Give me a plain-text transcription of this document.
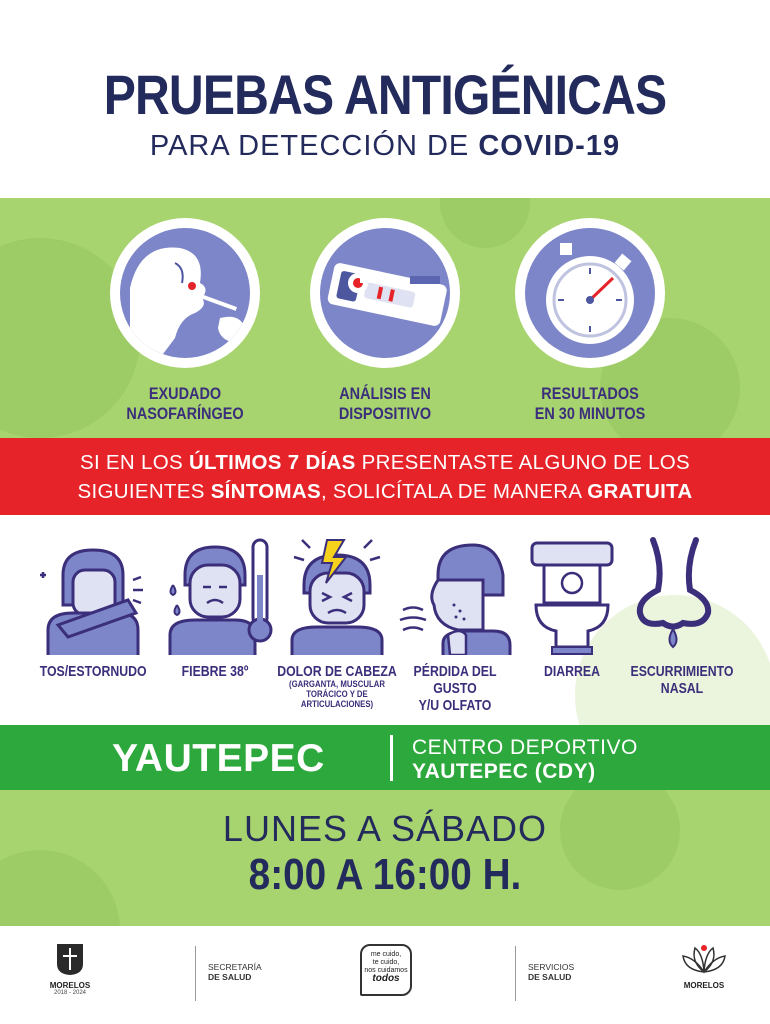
PRUEBAS ANTIGÉNICAS
PARA DETECCIÓN DE COVID-19
EXUDADO
NASOFARÍNGEO
ANÁLISIS EN
DISPOSITIVO
RESULTADOS
EN 30 MINUTOS
SI EN LOS ÚLTIMOS 7 DÍAS PRESENTASTE ALGUNO DE LOS
SIGUIENTES SÍNTOMAS, SOLICÍTALA DE MANERA GRATUITA
TOS/ESTORNUDO	FIEBRE 38º	DOLOR DE CABEZA
(GARGANTA, MUSCULAR
TORÁCICO Y DE
ARTICULACIONES)
PÉRDIDA DEL
GUSTO
Y/U OLFATO
DIARREA	ESCURRIMIENTO
NASAL
YAUTEPEC	CENTRO DEPORTIVO
YAUTEPEC (CDY)
LUNES A SÁBADO
8:00 A 16:00 H.
MORELOS
2018 - 2024
SECRETARÍA
DE SALUD
me cuido,
te cuido,
nos cuidamos
todos
SERVICIOS
DE SALUD
MORELOS
